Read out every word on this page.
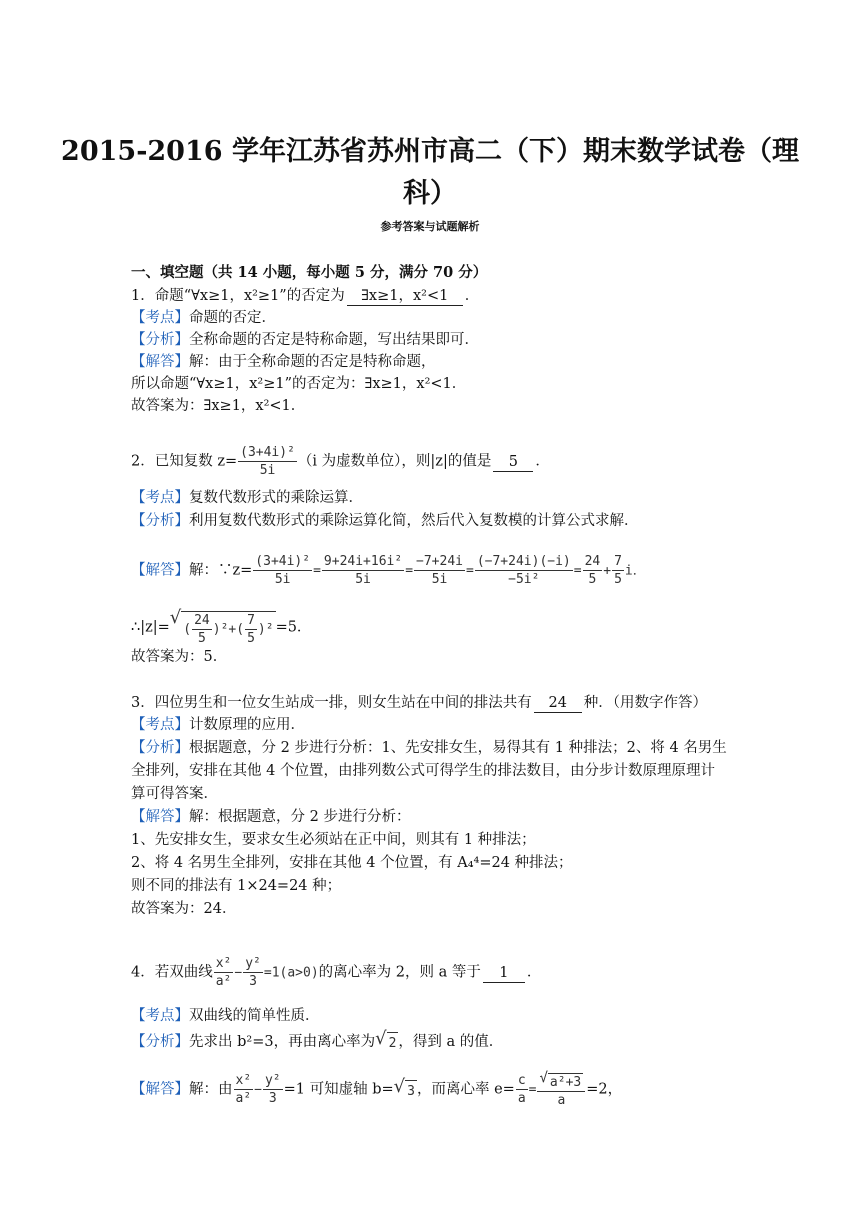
2015-2016 学年江苏省苏州市高二（下）期末数学试卷（理
科）
参考答案与试题解析
一、填空题（共 14 小题，每小题 5 分，满分 70 分）
1．命题“∀x≥1，x²≥1”的否定为 ∃x≥1，x²<1 ．
【考点】命题的否定．
【分析】全称命题的否定是特称命题，写出结果即可．
【解答】解：由于全称命题的否定是特称命题，
所以命题“∀x≥1，x²≥1”的否定为：∃x≥1，x²<1．
故答案为：∃x≥1，x²<1．
2．已知复数 $z= \frac{\text{(3+4i)²}}{5i} (i$ 为虚数单位），则|z|的值是 5 ．
【考点】复数代数形式的乘除运算．
【分析】利用复数代数形式的乘除运算化简，然后代入复数模的计算公式求解．
【解答】解：∵z= $\frac{\text{(3+4i)²}}{5i} = \frac{\text{9+24i+16i²}}{5i} = \frac{-7+24i}{5i} = \frac{(-7+24i)(-i)}{\text{−5i²}} = \frac{24}{5} + \frac{7}{5}$ i．
∴|z|=√( $\frac{24}{5} )^2+( \frac{7}{5} )^2 =5$．
故答案为：5．
3．四位男生和一位女生站成一排，则女生站在中间的排法共有 24 种．（用数字作答）
【考点】计数原理的应用．
【分析】根据题意，分 2 步进行分析：1、先安排女生，易得其有 1 种排法；2、将 4 名男生
全排列，安排在其他 4 个位置，由排列数公式可得学生的排法数目，由分步计数原理原理计
算可得答案．
【解答】解：根据题意，分 2 步进行分析：
1、先安排女生，要求女生必须站在正中间，则其有 1 种排法；
2、将 4 名男生全排列，安排在其他 4 个位置，有 A₄⁴=24 种排法；
则不同的排法有 1×24=24 种；
故答案为：24．
4．若双曲线 $\frac{\text{x²}}{\text{a²}} - \frac{\text{y²}}{3} =1(a>0)$的离心率为 2，则 a 等于 1 ．
【考点】双曲线的简单性质．
【分析】先求出 b²=3，再由离心率为√ 2 ，得到 a 的值．
【解答】解：由 $\frac{\text{x²}}{\text{a²}} - \frac{\text{y²}}{3} =1$ 可知虚轴 b=√ 3 ，而离心率 $e= \frac{c}{a} = \frac{\text{√ a²+3}}{a} =2$，
